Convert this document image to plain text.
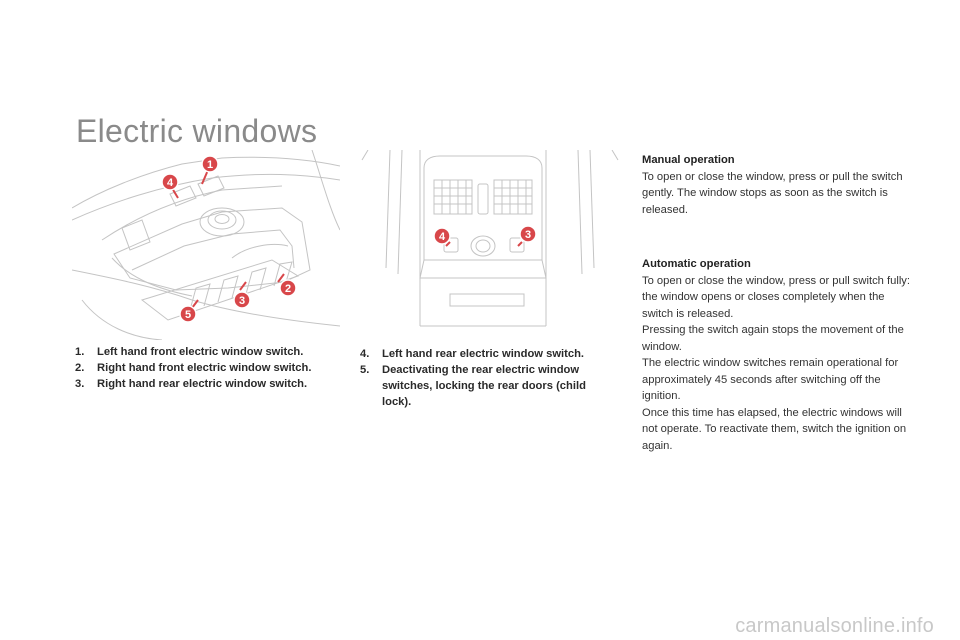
Electric windows
1
4
2
3
5
4	3
1.	Left hand front electric window switch.
2.	Right hand front electric window switch.
3.	Right hand rear electric window switch.
4.	Left hand rear electric window switch.
5.	Deactivating the rear electric window switches, locking the rear doors (child lock).
Manual operation

To open or close the window, press or pull the switch gently. The window stops as soon as the switch is released.

Automatic operation

To open or close the window, press or pull switch fully: the window opens or closes completely when the switch is released.

Pressing the switch again stops the movement of the window.

The electric window switches remain operational for approximately 45 seconds after switching off the ignition.

Once this time has elapsed, the electric windows will not operate. To reactivate them, switch the ignition on again.

carmanualsonline.info
